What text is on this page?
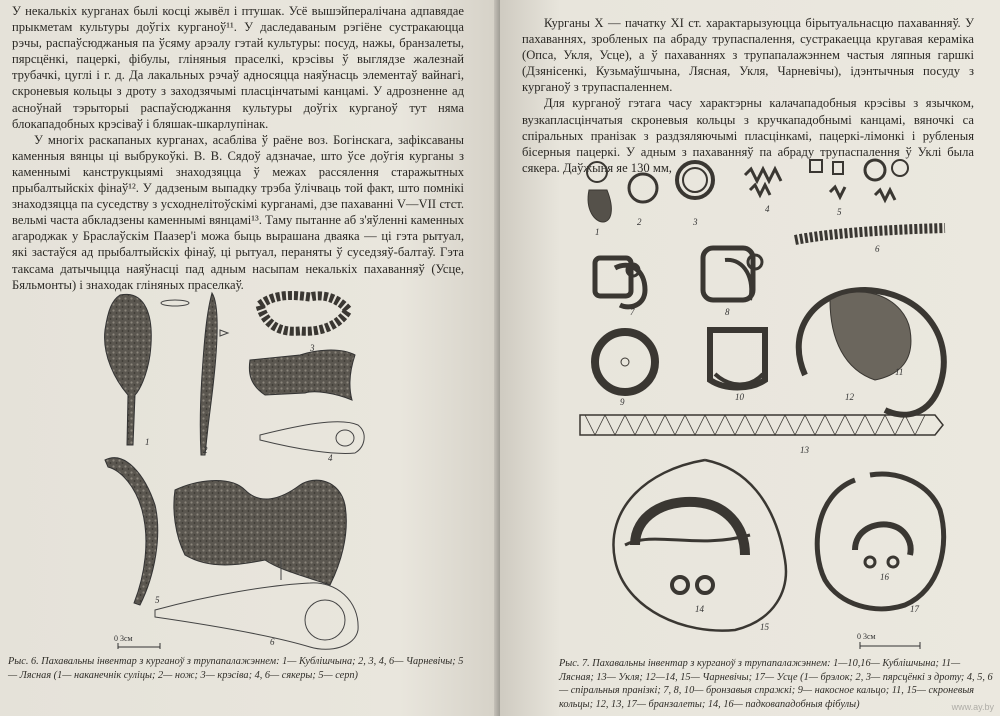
У некалькіх курганах былі косці жывёл і птушак. Усё вышэйпералічана адпавядае прыкметам культуры доўгіх курганоў¹¹. У даследаваным рэгіёне сустракаюцца рэчы, распаўсюджаныя па ўсяму арэалу гэтай культуры: посуд, нажы, бранзалеты, пярсцёнкі, пацеркі, фібулы, гліняныя праселкі, крэсівы ў выглядзе жалезнай трубачкі, цуглі і г. д. Да лакальных рэчаў адносяцца наяўнасць элементаў вайнагі, скроневыя кольцы з дроту з заходзячымі пласцінчатымі канцамі. У адрозненне ад асноўнай тэрыторыі распаўсюджання культуры доўгіх курганоў тут няма блокападобных крэсіваў і бляшак-шкарлупінак.

У многіх раскапаных курганах, асабліва ў раёне воз. Богінскага, зафіксаваны каменныя вянцы ці выбрукоўкі. В. В. Сядоў адзначае, што ўсе доўгія курганы з каменнымі канструкцыямі знаходзяцца ў межах рассялення старажытных прыбалтыйскіх фінаў¹². У дадзеным выпадку трэба ўлічваць той факт, што помнікі знаходзяцца па суседству з усходнелітоўскімі курганамі, дзе пахаванні V—VII стст. вельмі часта абкладзены каменнымі вянцамі¹³. Тамy пытанне аб з'яўленні каменных агароджак у Браслаўскім Паазер'і можа быць вырашана дваяка — ці гэта рытуал, які застаўся ад прыбалтыйскіх фінаў, ці рытуал, пераняты ў суседзяў-балтаў. Гэта таксама датычыцца наяўнасці пад адным насыпам некалькіх пахаванняў (Усце, Бяльмонты) і знаходак гліняных праселкаў.

1
2
3
4
5
6
0 3см
Рыс. 6. Пахавальны інвентар з курганоў з трупапалажэннем: 1— Кублішчына; 2, 3, 4, 6— Чарневічы; 5— Лясная (1— наканечнік суліцы; 2— нож; 3— крэсіва; 4, 6— сякеры; 5— серп)

Курганы X — пачатку XI ст. характарызуюцца бірытуальнасцю пахаванняў. У пахаваннях, зробленых па абраду трупаспалення, сустракаецца кругавая кераміка (Опса, Укля, Усце), а ў пахаваннях з трупапалажэннем частыя ляпныя гаршкі (Дзянісенкі, Кузьмаўшчына, Лясная, Укля, Чарневічы), ідэнтычныя посуду з курганоў з трупаспаленнем.

Для курганоў гэтага часу характэрны калачападобныя крэсівы з язычком, вузкапласцінчатыя скроневыя кольцы з кручкападобнымі канцамі, вяночкі са спіральных пранізак з раздзяляючымі пласцінкамі, пацеркі-лімонкі і рубленыя бісерныя пацеркі. У адным з пахаванняў па абраду трупаспалення ў Уклі была сякера. Даўжыня яе 130 мм,

1
2	3
4	5
6
7	8
9	10
11
12
13
14
15
16
17
0 3см
Рыс. 7. Пахавальны інвентар з курганоў з трупапалажэннем: 1—10,16— Кублішчына; 11— Лясная; 13— Укля; 12—14, 15— Чарневічы; 17— Усце (1— брэлок; 2, 3— пярсцёнкі з дроту; 4, 5, 6— спіральныя пранізкі; 7, 8, 10— бронзавыя спражкі; 9— накосное кальцо; 11, 15— скроневыя кольцы; 12, 13, 17— бранзалеты; 14, 16— падковападобныя фібулы)	www.ay.by
